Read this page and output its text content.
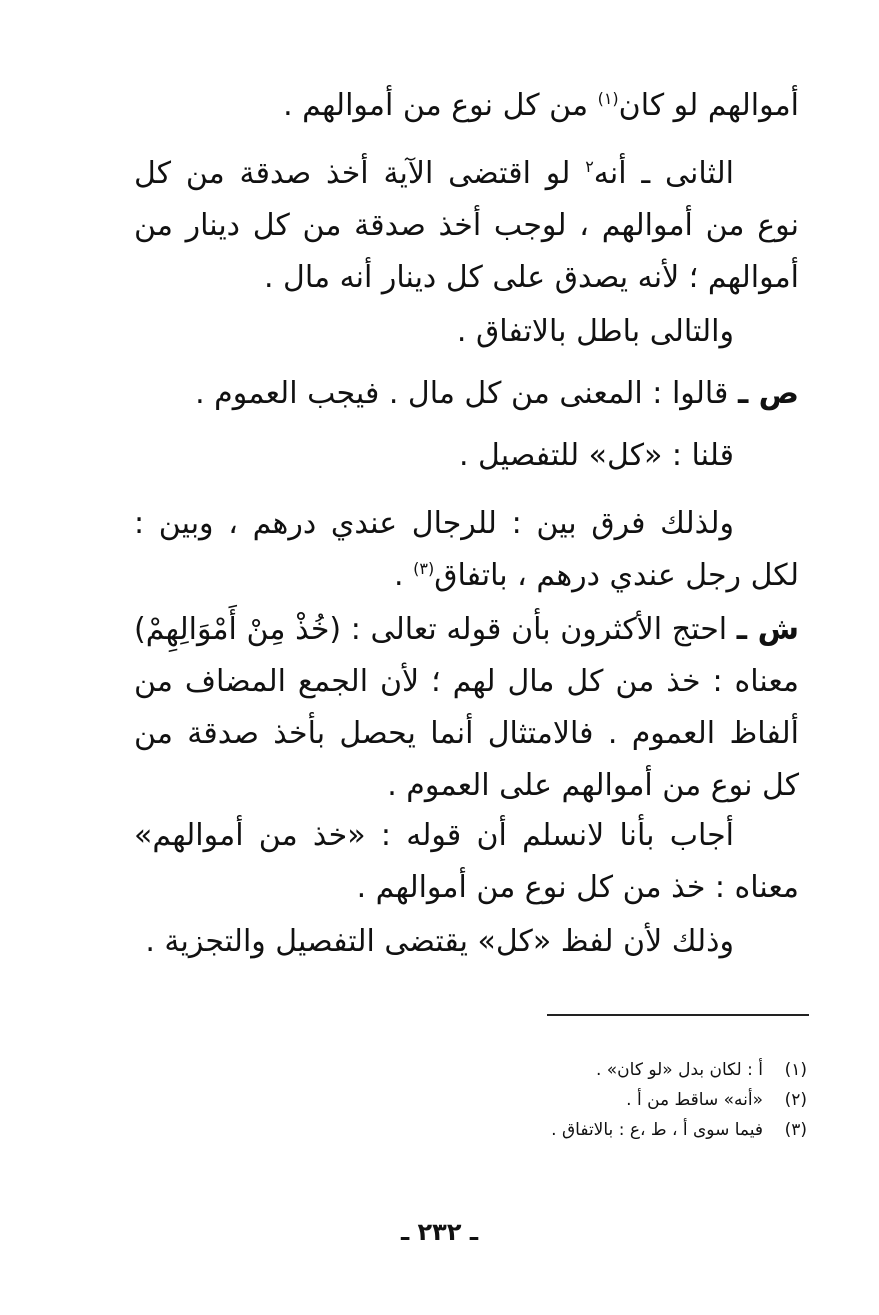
أموالهم لو كان$^{(١)}$ من كل نوع من أموالهم .

الثانى ـ أنه$^٢$ لو اقتضى الآية أخذ صدقة من كل نوع من أموالهم ، لوجب أخذ صدقة من كل دينار من أموالهم ؛ لأنه يصدق على كل دينار أنه مال .

والتالى باطل بالاتفاق .

ص ـ قالوا : المعنى من كل مال . فيجب العموم .

قلنا : «كل» للتفصيل .

ولذلك فرق بين : للرجال عندي درهم ، وبين : لكل رجل عندي درهم ، باتفاق$^{(٣)}$ .

ش ـ احتج الأكثرون بأن قوله تعالى : (خُذْ مِنْ أَمْوَالِهِمْ) معناه : خذ من كل مال لهم ؛ لأن الجمع المضاف من ألفاظ العموم . فالامتثال أنما يحصل بأخذ صدقة من كل نوع من أموالهم على العموم .

أجاب بأنا لانسلم أن قوله : «خذ من أموالهم» معناه : خذ من كل نوع من أموالهم .

وذلك لأن لفظ «كل» يقتضى التفصيل والتجزية .

(١)
أ : لكان بدل «لو كان» .
(٢)
«أنه» ساقط من أ .
(٣)
فيما سوى أ ، ط ،ع : بالاتفاق .
ـ ٢٣٢ ـ
